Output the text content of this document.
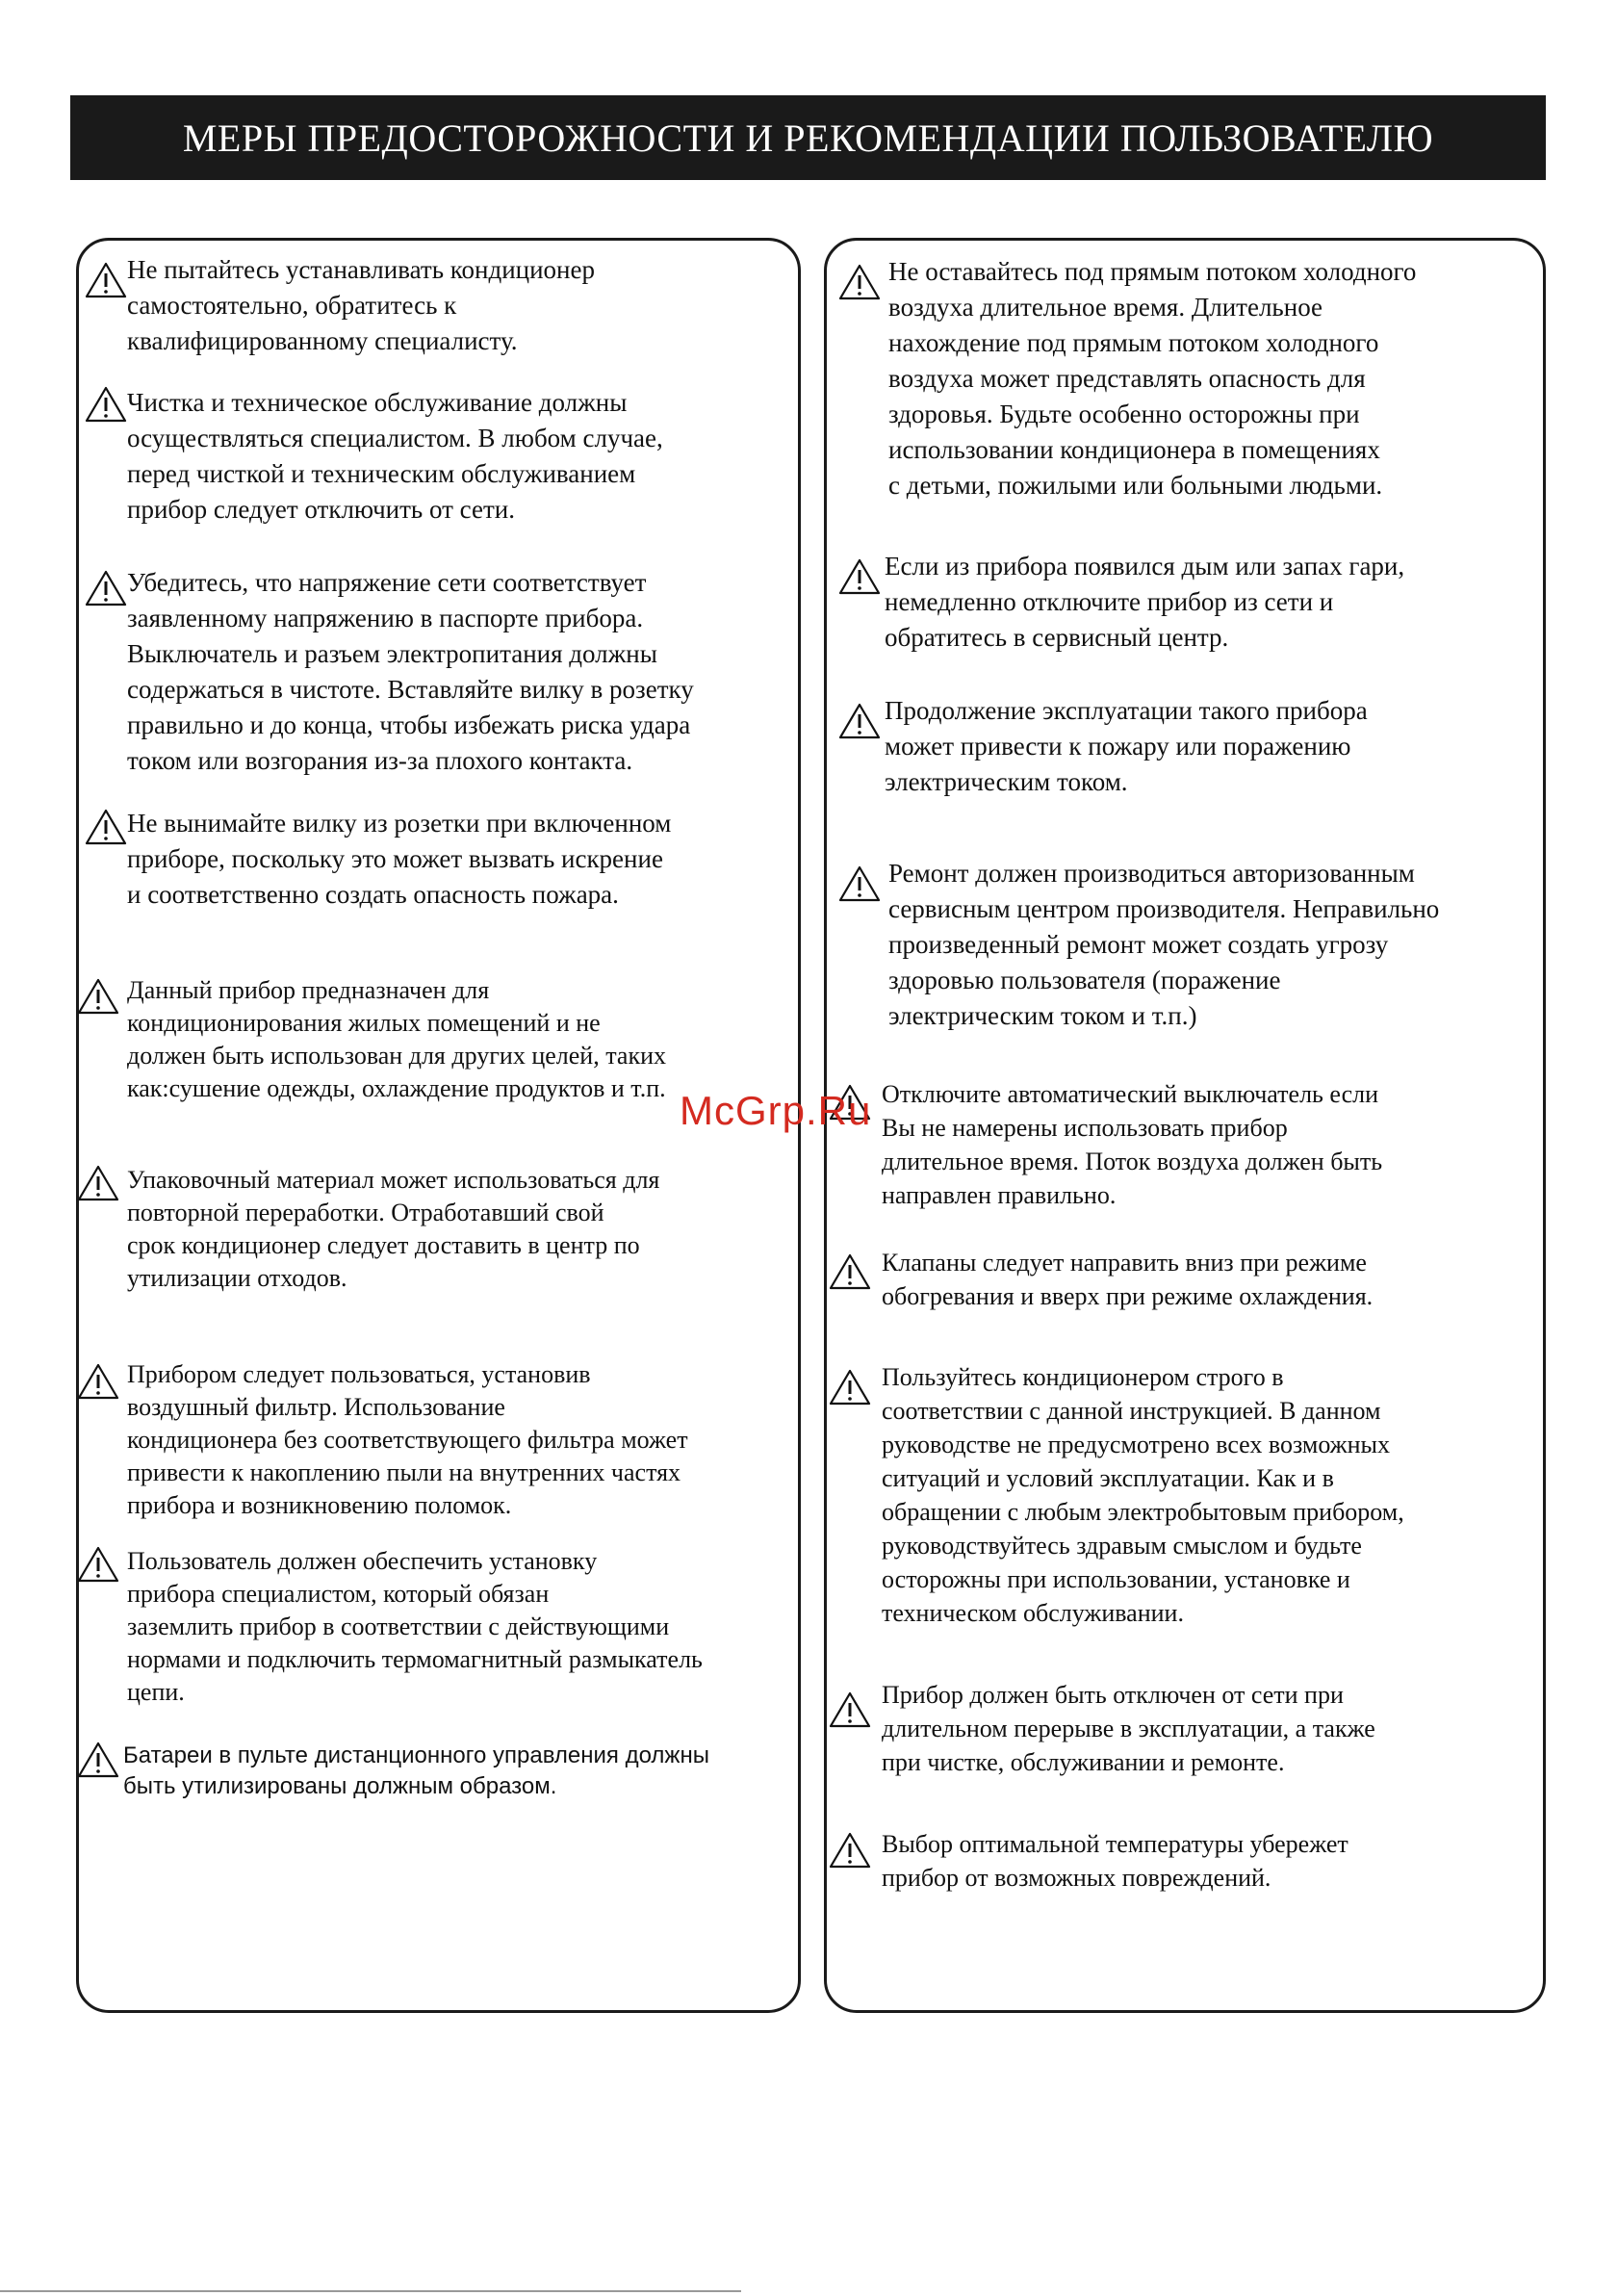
МЕРЫ ПРЕДОСТОРОЖНОСТИ И РЕКОМЕНДАЦИИ ПОЛЬЗОВАТЕЛЮ
Не пытайтесь устанавливать кондиционер
самостоятельно, обратитесь к
квалифицированному специалисту.
Чистка и техническое обслуживание должны
осуществляться специалистом. В любом случае,
перед чисткой и техническим обслуживанием
прибор следует отключить от сети.
Убедитесь, что напряжение сети соответствует
заявленному напряжению в паспорте прибора.
Выключатель и разъем электропитания должны
содержаться в чистоте. Вставляйте вилку в розетку
правильно и до конца, чтобы избежать риска удара
током или возгорания из-за плохого контакта.
Не вынимайте вилку из розетки при включенном
приборе, поскольку это может вызвать искрение
и соответственно создать опасность пожара.
Данный прибор предназначен для
кондиционирования жилых помещений и не
должен быть использован для других целей, таких
как:сушение одежды, охлаждение продуктов и т.п.
Упаковочный материал может использоваться для
повторной переработки. Отработавший свой
срок кондиционер следует доставить в центр по
утилизации отходов.
Прибором следует пользоваться, установив
воздушный фильтр. Использование
кондиционера без соответствующего фильтра может
привести к накоплению пыли на внутренних частях
прибора и возникновению поломок.
Пользователь должен обеспечить установку
прибора специалистом, который обязан
заземлить прибор в соответствии с действующими
нормами и подключить термомагнитный размыкатель
цепи.
Батареи в пульте дистанционного управления должны
быть утилизированы должным образом.
Не оставайтесь под прямым потоком холодного
воздуха длительное время. Длительное
нахождение под прямым потоком холодного
воздуха может представлять опасность для
здоровья. Будьте особенно осторожны при
использовании кондиционера в помещениях
с детьми, пожилыми или больными людьми.
Если из прибора появился дым или запах гари,
немедленно отключите прибор из сети и
обратитесь в сервисный центр.
Продолжение эксплуатации такого прибора
может привести к пожару или поражению
электрическим током.
Ремонт должен производиться авторизованным
сервисным центром производителя. Неправильно
произведенный ремонт может создать угрозу
здоровью пользователя (поражение
электрическим током и т.п.)
Отключите автоматический выключатель если
Вы не намерены использовать прибор
длительное время. Поток воздуха должен быть
направлен правильно.
Клапаны следует направить вниз при режиме
обогревания и вверх при режиме охлаждения.
Пользуйтесь кондиционером строго в
соответствии с данной инструкцией. В данном
руководстве не предусмотрено всех возможных
ситуаций и условий эксплуатации. Как и в
обращении с любым электробытовым прибором,
руководствуйтесь здравым смыслом и будьте
осторожны при использовании, установке и
техническом обслуживании.
Прибор должен быть отключен от сети при
длительном перерыве в эксплуатации, а также
при чистке, обслуживании и ремонте.
Выбор оптимальной температуры убережет
прибор от возможных повреждений.
McGrp.Ru
